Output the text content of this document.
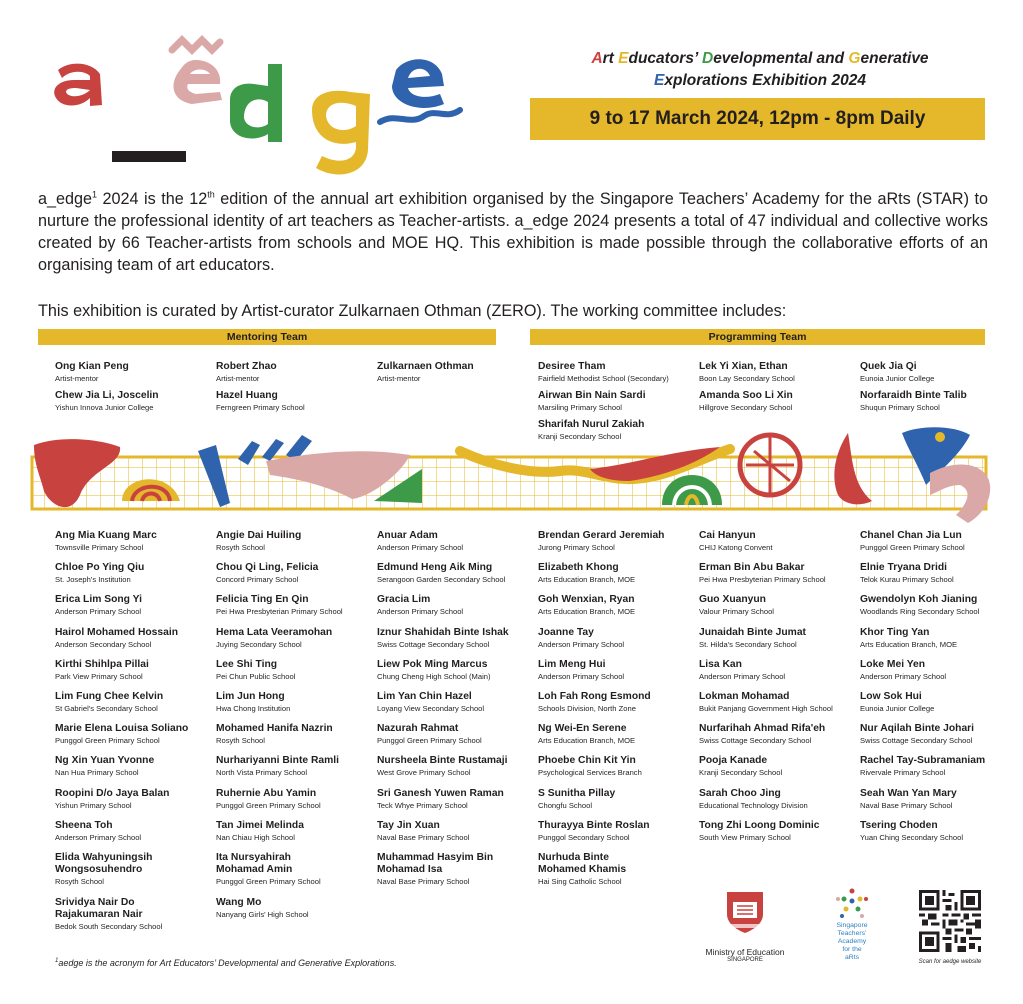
Art Educators’ Developmental and Generative
Explorations Exhibition 2024
9 to 17 March 2024, 12pm - 8pm Daily
a_edge$^1$ 2024 is the 12th edition of the annual art exhibition organised by the Singapore Teachers’ Academy for the aRts (STAR) to nurture the professional identity of art teachers as Teacher-artists. a_edge 2024 presents a total of 47 individual and collective works created by 66 Teacher-artists from schools and MOE HQ. This exhibition is made possible through the collaborative efforts of an organising team of art educators.
This exhibition is curated by Artist-curator Zulkarnaen Othman (ZERO). The working committee includes:
Mentoring Team	Programming Team
Ong Kian Peng
Artist-mentor
Chew Jia Li, Joscelin
Yishun Innova Junior College
Robert Zhao
Artist-mentor
Hazel Huang
Ferngreen Primary School
Zulkarnaen Othman
Artist-mentor
Desiree Tham
Fairfield Methodist School (Secondary)
Airwan Bin Nain Sardi
Marsiling Primary School
Sharifah Nurul Zakiah
Kranji Secondary School
Lek Yi Xian, Ethan
Boon Lay Secondary School
Amanda Soo Li Xin
Hillgrove Secondary School
Quek Jia Qi
Eunoia Junior College
Norfaraidh Binte Talib
Shuqun Primary School
Ang Mia Kuang Marc
Townsville Primary School
Chloe Po Ying Qiu
St. Joseph's Institution
Erica Lim Song Yi
Anderson Primary School
Hairol Mohamed Hossain
Anderson Secondary School
Kirthi Shihlpa Pillai
Park View Primary School
Lim Fung Chee Kelvin
St Gabriel's Secondary School
Marie Elena Louisa Soliano
Punggol Green Primary School
Ng Xin Yuan Yvonne
Nan Hua Primary School
Roopini D/o Jaya Balan
Yishun Primary School
Sheena Toh
Anderson Primary School
Elida Wahyuningsih
Wongsosuhendro
Rosyth School
Srividya Nair Do
Rajakumaran Nair
Bedok South Secondary School
Angie Dai Huiling
Rosyth School
Chou Qi Ling, Felicia
Concord Primary School
Felicia Ting En Qin
Pei Hwa Presbyterian Primary School
Hema Lata Veeramohan
Juying Secondary School
Lee Shi Ting
Pei Chun Public School
Lim Jun Hong
Hwa Chong Institution
Mohamed Hanifa Nazrin
Rosyth School
Nurhariyanni Binte Ramli
North Vista Primary School
Ruhernie Abu Yamin
Punggol Green Primary School
Tan Jimei Melinda
Nan Chiau High School
Ita Nursyahirah
Mohamad Amin
Punggol Green Primary School
Wang Mo
Nanyang Girls' High School
Anuar Adam
Anderson Primary School
Edmund Heng Aik Ming
Serangoon Garden Secondary School
Gracia Lim
Anderson Primary School
Iznur Shahidah Binte Ishak
Swiss Cottage Secondary School
Liew Pok Ming Marcus
Chung Cheng High School (Main)
Lim Yan Chin Hazel
Loyang View Secondary School
Nazurah Rahmat
Punggol Green Primary School
Nursheela Binte Rustamaji
West Grove Primary School
Sri Ganesh Yuwen Raman
Teck Whye Primary School
Tay Jin Xuan
Naval Base Primary School
Muhammad Hasyim Bin
Mohamad Isa
Naval Base Primary School
Brendan Gerard Jeremiah
Jurong Primary School
Elizabeth Khong
Arts Education Branch, MOE
Goh Wenxian, Ryan
Arts Education Branch, MOE
Joanne Tay
Anderson Primary School
Lim Meng Hui
Anderson Primary School
Loh Fah Rong Esmond
Schools Division, North Zone
Ng Wei-En Serene
Arts Education Branch, MOE
Phoebe Chin Kit Yin
Psychological Services Branch
S Sunitha Pillay
Chongfu School
Thurayya Binte Roslan
Punggol Secondary School
Nurhuda Binte
Mohamed Khamis
Hai Sing Catholic School
Cai Hanyun
CHIJ Katong Convent
Erman Bin Abu Bakar
Pei Hwa Presbyterian Primary School
Guo Xuanyun
Valour Primary School
Junaidah Binte Jumat
St. Hilda's Secondary School
Lisa Kan
Anderson Primary School
Lokman Mohamad
Bukit Panjang Government High School
Nurfarihah Ahmad Rifa'eh
Swiss Cottage Secondary School
Pooja Kanade
Kranji Secondary School
Sarah Choo Jing
Educational Technology Division
Tong Zhi Loong Dominic
South View Primary School
Chanel Chan Jia Lun
Punggol Green Primary School
Elnie Tryana Dridi
Telok Kurau Primary School
Gwendolyn Koh Jianing
Woodlands Ring Secondary School
Khor Ting Yan
Arts Education Branch, MOE
Loke Mei Yen
Anderson Primary School
Low Sok Hui
Eunoia Junior College
Nur Aqilah Binte Johari
Swiss Cottage Secondary School
Rachel Tay-Subramaniam
Rivervale Primary School
Seah Wan Yan Mary
Naval Base Primary School
Tsering Choden
Yuan Ching Secondary School
$^1$aedge is the acronym for Art Educators’ Developmental and Generative Explorations.
Ministry of Education
SINGAPORE
Singapore
Teachers’
Academy
for the
aRts
Scan for aedge website
